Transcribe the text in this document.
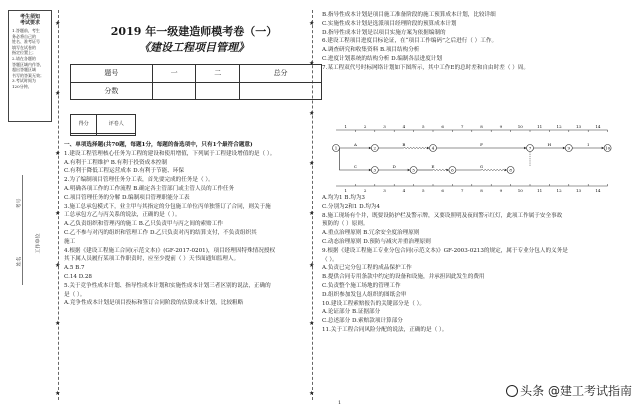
考生须知
考试要求
1.答题前，考生
务必将自己的
姓名、准考证号
填写在试卷的
指定位置上；
2.请在各题的
答题区域内作答，
超出答题区域
书写的答案无效；
3.考试时间为
120分钟。
姓名
考号
工作单位
★
★
★
★
★
★
★
★
★
★
★
★
★
★
★
2019 年一级建造师模考卷（一）
《建设工程项目管理》
题号	一	二	总分
分数			
得分	评卷人

一、单项选择题(共70题，每题1分，每题的备选项中，只有1个最符合题意)

1.建设工程管理核心任务为工程的建设和使用增值，下列属于工程建设增值的是（ ）。

A.有利于工程维护 B.有利于投资成本控制

C.有利于降低工程运营成本 D.有利于节能、环保

2.为了编制项目管理任务分工表，首先要完成的任务是（ ）。

A.明确各项工作的工作流程 B.确定各主管部门或主管人员的工作任务

C.项目管理任务的分解 D.编制项目管理职能分工表

3.施工总承包模式下，业主甲与其指定的分包施工单位丙单独签订了合同，则关于施

工总承包方乙与丙关系的说法，正确的是（ ）。

A.乙负责组织和管理丙的施工 B.乙只负责甲与丙之间的索赔工作

C.乙不参与对丙的组织和管理工作 D.乙只负责对丙的结算支付，不负责组织其

施工

4.根据《建设工程施工合同(示范文本)》(GF-2017-0201)，项目经理因特殊情况授权

其下属人员履行某项工作职责时，应至少提前（ ）天书面通知监理人。

A.5 B.7

C.14 D.28

5.关于竞争性成本计划、指导性成本计划和实施性成本计划三者区别的说法，正确的

是（ ）。

A.竞争性成本计划是项目投标和签订合同阶段的估算成本计划，比较粗略

B.指导性成本计划是项目施工准备阶段的施工预算成本计划，比较详细

C.实施性成本计划是选派项目经理阶段的预算成本计划

D.指导性成本计划是以项目实施方案为依据编制的

6.建设工程项目进度目标论证，在“项目工作编码”之后进行（ ）工作。

A.调查研究和收集资料 B.项目结构分析

C.进度计划系统的结构分析 D.编制各层进度计划

7.某工程双代号时标网络计划如下图所示，其中工作E的总时差和自由时差（ ）周。

1	2	3	4	5	6	7	8	9	10	11	12	13	14
1	2	3	4	5	6	7	8	9	10	11	12	13	14
A	B
C	D	E
F
G
H	I
1	2
3
4
5	6
7
8
9	10

A.均为1 B.均为3

C.分别为2和1 D.均为4

8.施工现场有个井，既要设防护栏及警示牌，又要设照明及夜间警示红灯，此项工作属于安全事故

预防的（ ）原则。

A.重点治理原则 B.冗余安全度治理原则

C.动态治理原则 D.预防与减灾并重治理原则

9.根据《建设工程施工专业分包合同(示范文本)》GF-2003-0213的规定，属于专业分包人的义务是

（ ）。

A.负责已完分包工程的成品保护工作

B.提供合同专用条款中约定的设备和设施，并承担因此发生的费用

C.负责整个施工场地的管理工作

D.组织参加发包人组织的图纸会审

10.建设工程索赔报告的关键部分是（ ）。

A.论证部分 B.证据部分

C.总述部分 D.索赔款项计算部分

11.关于工程合同风险分配的说法，正确的是（ ）。

1
头条 @建工考试指南
